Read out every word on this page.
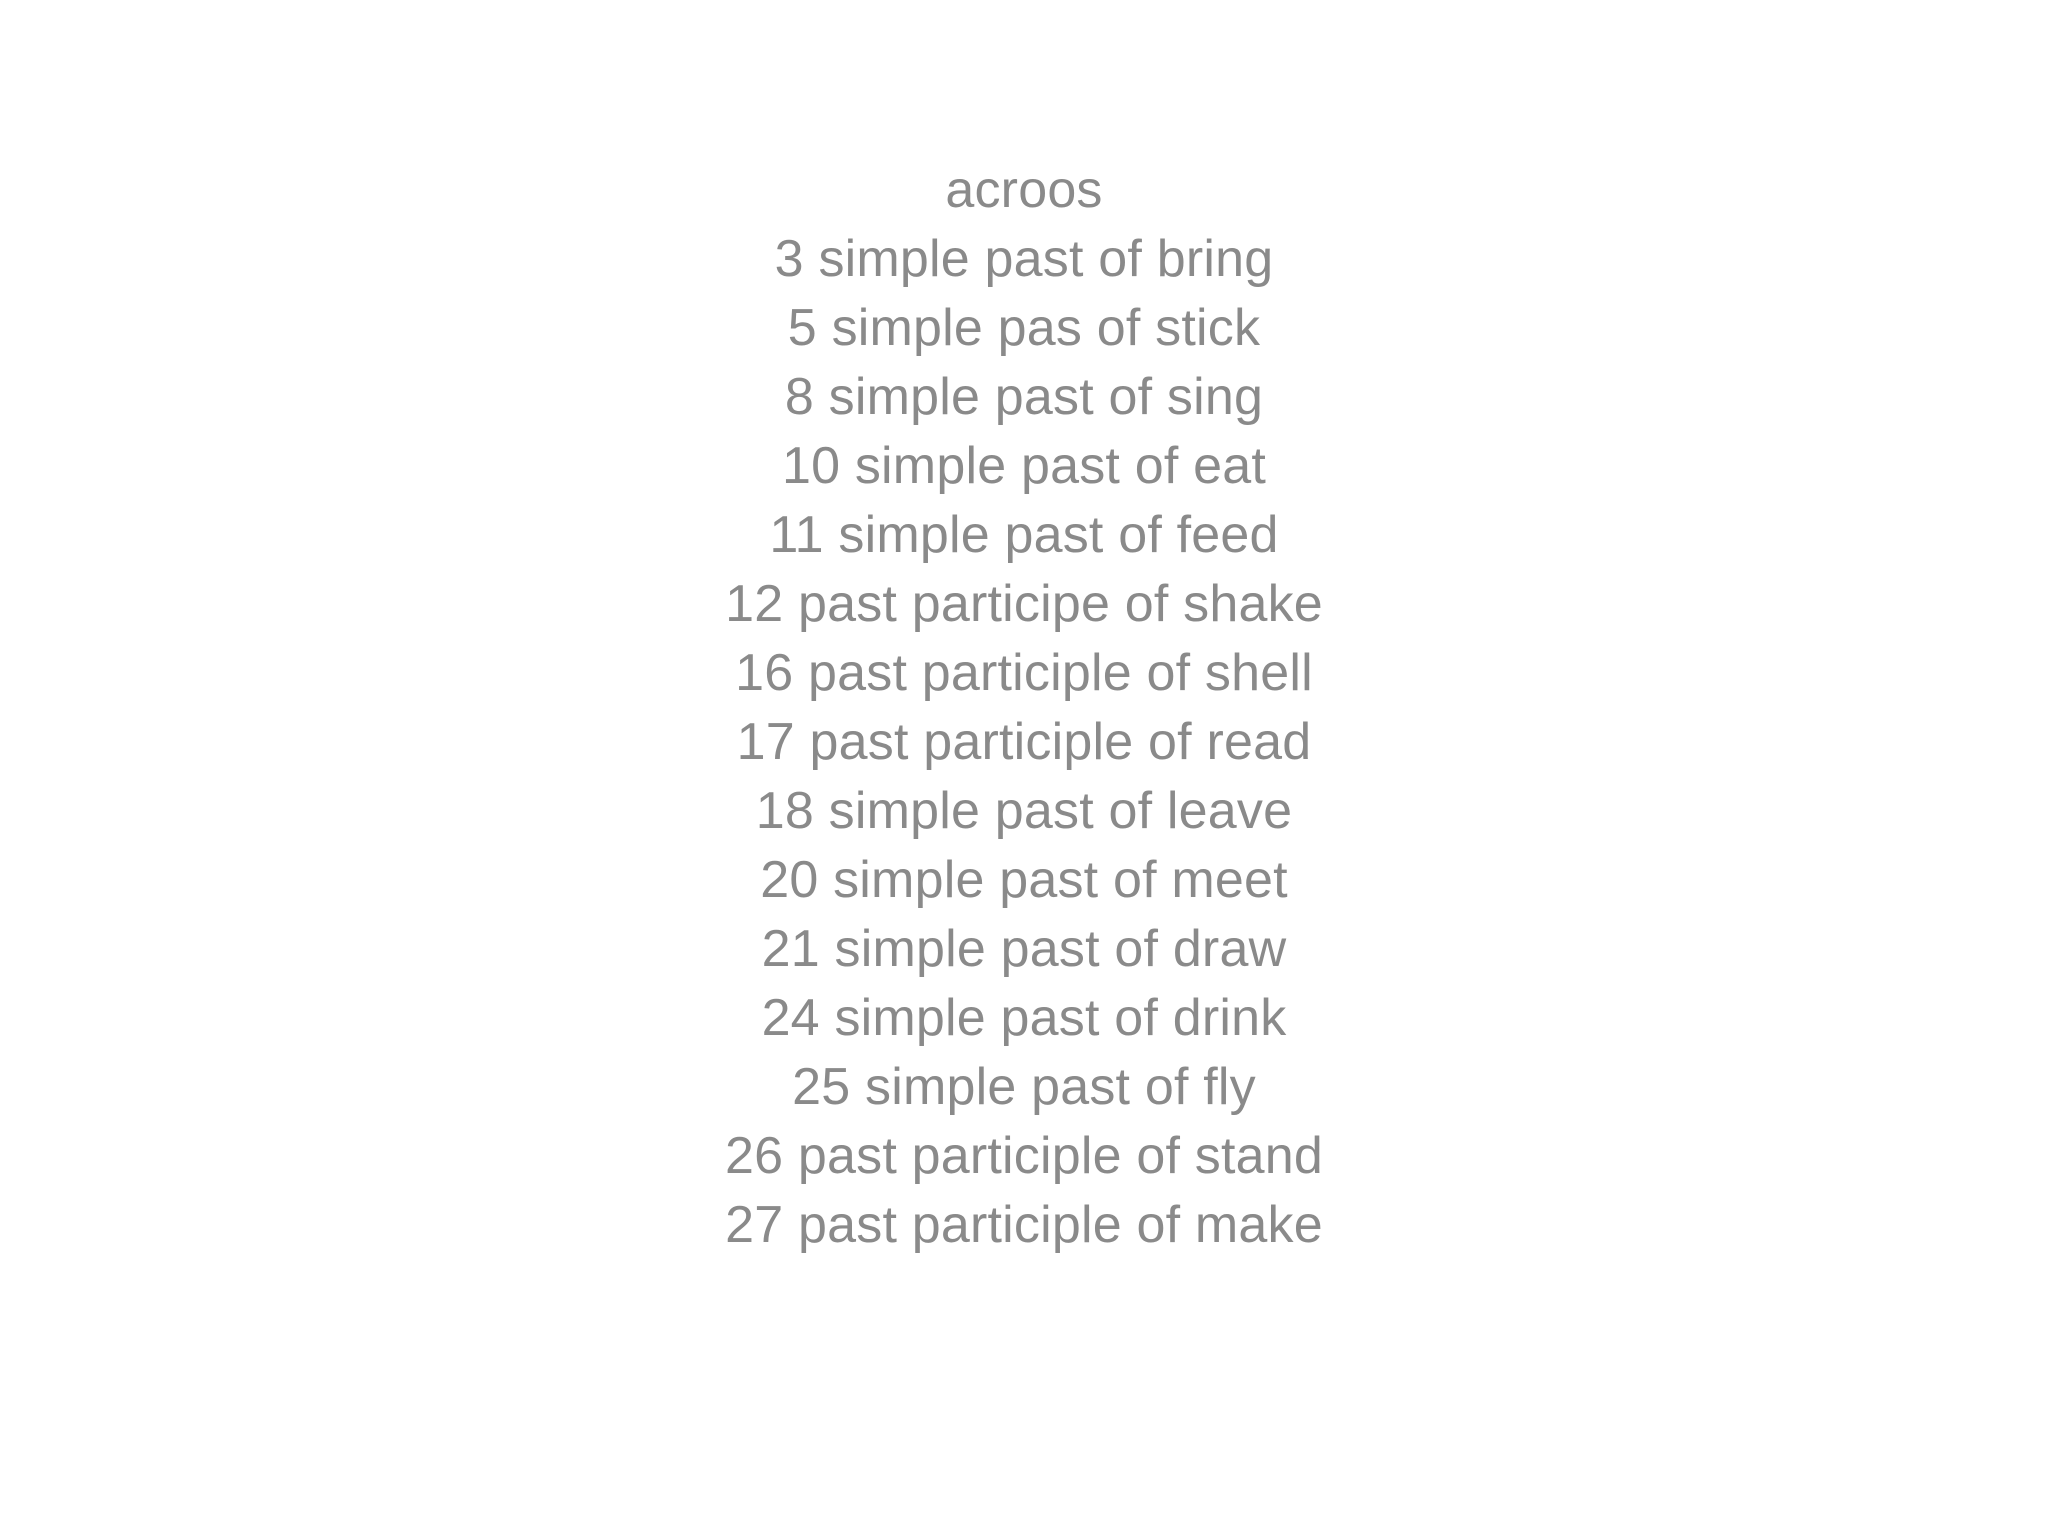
acroos
3 simple past of bring
5 simple pas of stick
8 simple past of sing
10 simple past of eat
11 simple past of feed
12 past participe of shake
16 past participle of shell
17 past participle of read
18 simple past of leave
20 simple past of meet
21 simple past of draw
24 simple past of drink
25 simple past of fly
26 past participle of stand
27 past participle of make
